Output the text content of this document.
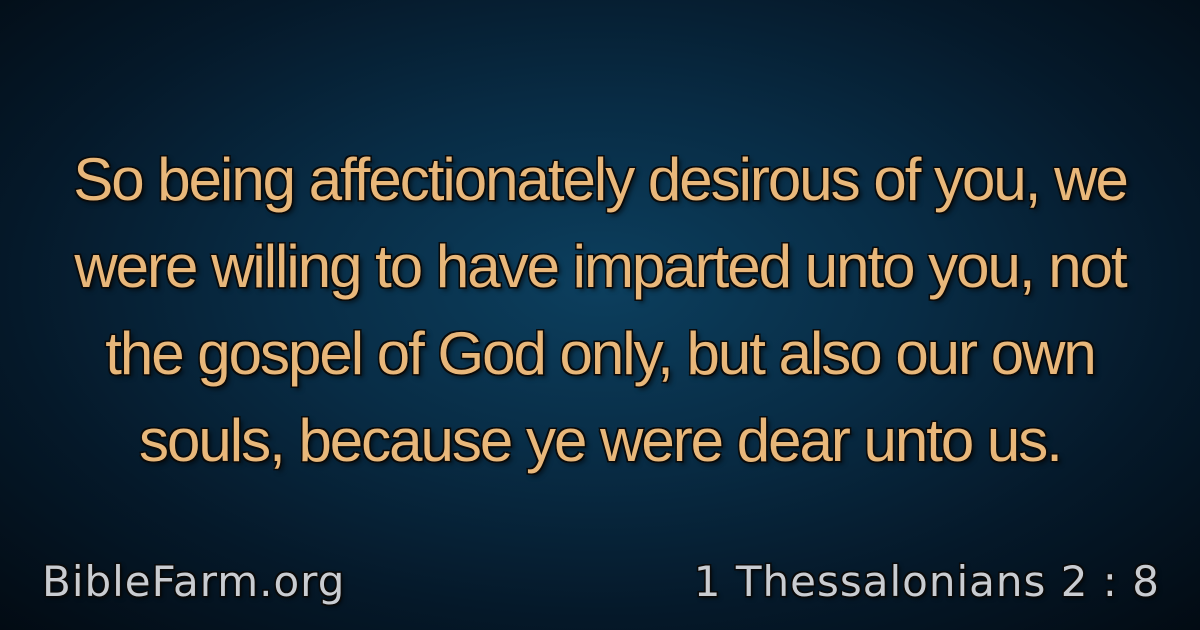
So being affectionately desirous of you, we were willing to have imparted unto you, not the gospel of God only, but also our own souls, because ye were dear unto us.

BibleFarm.org	1 Thessalonians 2 : 8
